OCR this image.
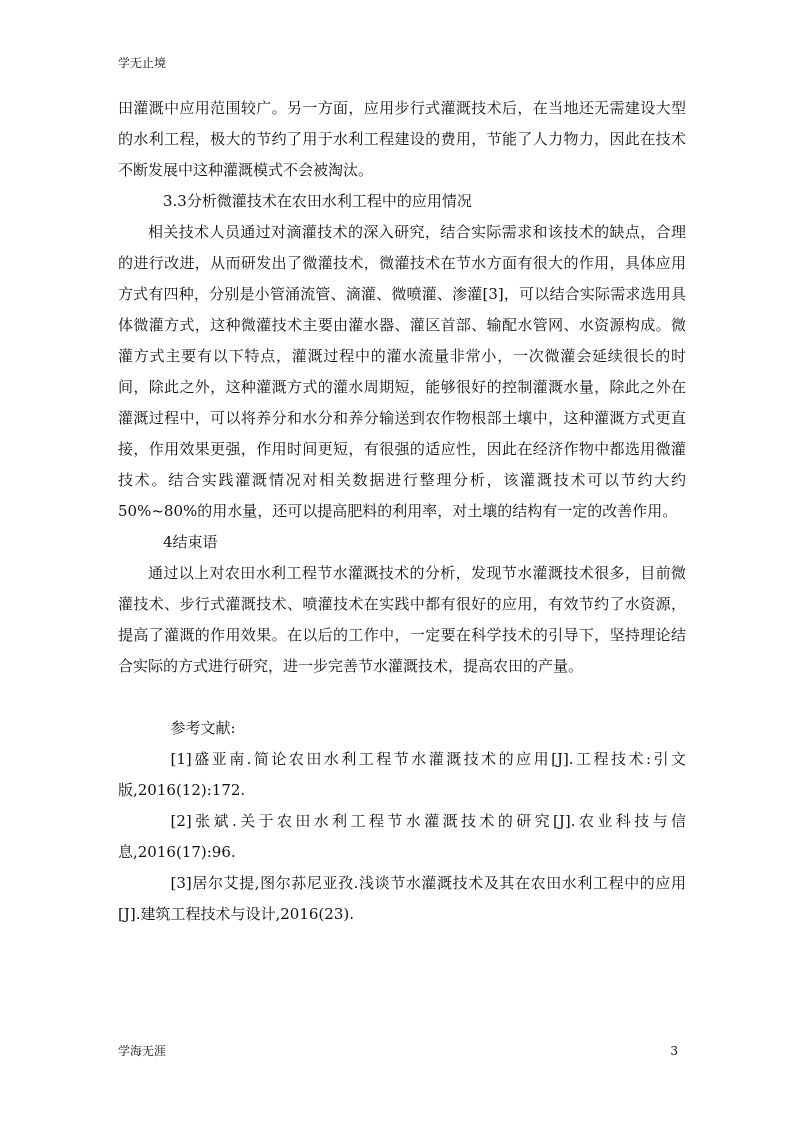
学无止境

田灌溉中应用范围较广。另一方面，应用步行式灌溉技术后，在当地还无需建设大型的水利工程，极大的节约了用于水利工程建设的费用，节能了人力物力，因此在技术不断发展中这种灌溉模式不会被淘汰。

3.3分析微灌技术在农田水利工程中的应用情况

相关技术人员通过对滴灌技术的深入研究，结合实际需求和该技术的缺点，合理的进行改进，从而研发出了微灌技术，微灌技术在节水方面有很大的作用，具体应用方式有四种，分别是小管涌流管、滴灌、微喷灌、渗灌[3]，可以结合实际需求选用具体微灌方式，这种微灌技术主要由灌水器、灌区首部、输配水管网、水资源构成。微灌方式主要有以下特点，灌溉过程中的灌水流量非常小，一次微灌会延续很长的时间，除此之外，这种灌溉方式的灌水周期短，能够很好的控制灌溉水量，除此之外在灌溉过程中，可以将养分和水分和养分输送到农作物根部土壤中，这种灌溉方式更直接，作用效果更强，作用时间更短，有很强的适应性，因此在经济作物中都选用微灌技术。结合实践灌溉情况对相关数据进行整理分析，该灌溉技术可以节约大约 50%~80%的用水量，还可以提高肥料的利用率，对土壤的结构有一定的改善作用。

4结束语

通过以上对农田水利工程节水灌溉技术的分析，发现节水灌溉技术很多，目前微灌技术、步行式灌溉技术、喷灌技术在实践中都有很好的应用，有效节约了水资源，提高了灌溉的作用效果。在以后的工作中，一定要在科学技术的引导下，坚持理论结合实际的方式进行研究，进一步完善节水灌溉技术，提高农田的产量。

参考文献:

[1]盛亚南.简论农田水利工程节水灌溉技术的应用[J].工程技术:引文版,2016(12):172.

[2]张斌.关于农田水利工程节水灌溉技术的研究[J].农业科技与信息,2016(17):96.

[3]居尔艾提,图尔荪尼亚孜.浅谈节水灌溉技术及其在农田水利工程中的应用[J].建筑工程技术与设计,2016(23).

学海无涯	3
